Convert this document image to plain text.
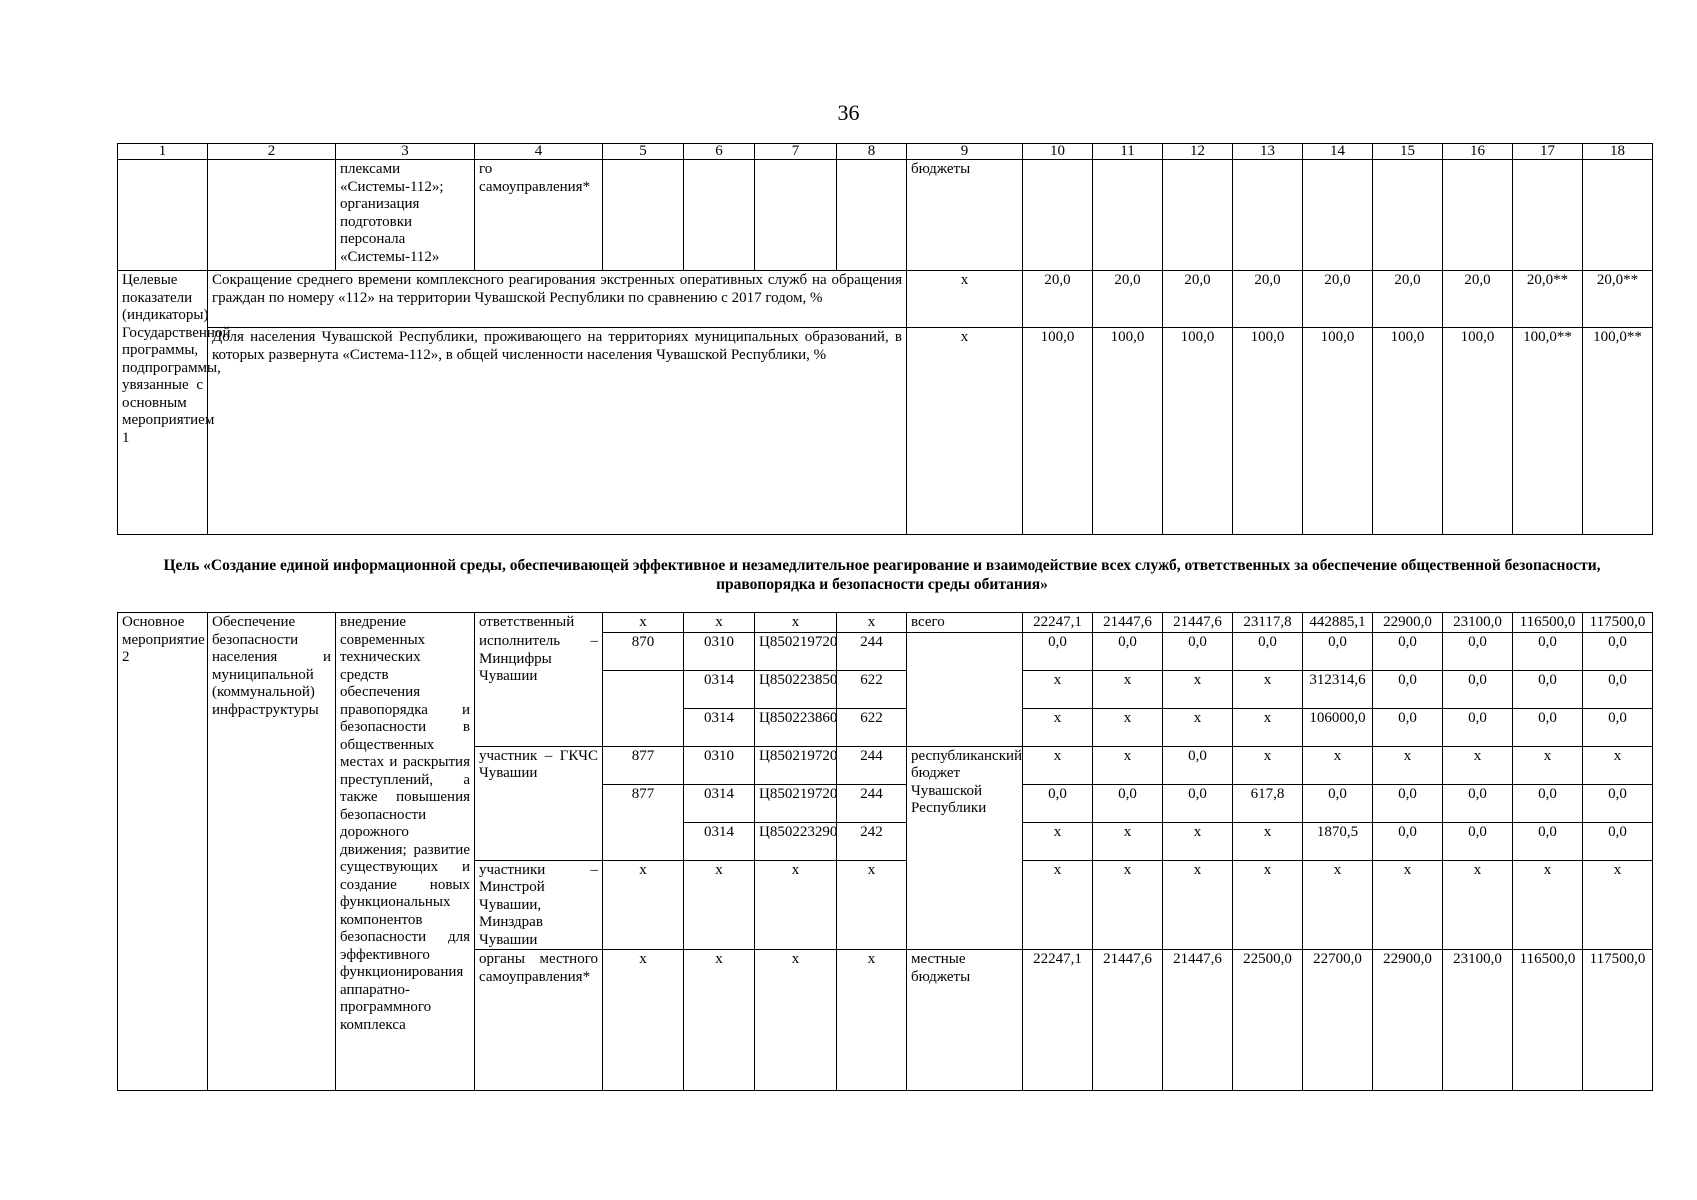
36
1	2	3	4	5	6	7	8	9	10	11	12	13	14	15	16	17	18
		плексами «Системы-112»; организация подготовки персонала «Системы-112»	го самоуправления*					бюджеты									
Целевые показатели (индикаторы) Государственной программы, подпрограммы, увязанные с основным мероприятием 1	Сокращение среднего времени комплексного реагирования экстренных оперативных служб на обращения граждан по номеру «112» на территории Чувашской Республики по сравнению с 2017 годом, %							x	20,0	20,0	20,0	20,0	20,0	20,0	20,0	20,0**	20,0**
	Доля населения Чувашской Республики, проживающего на территориях муниципальных образований, в которых развернута «Система-112», в общей численности населения Чувашской Республики, %							x	100,0	100,0	100,0	100,0	100,0	100,0	100,0	100,0**	100,0**
Цель «Создание единой информационной среды, обеспечивающей эффективное и незамедлительное реагирование и взаимодействие всех служб, ответственных за обеспечение общественной безопасности, правопорядка и безопасности среды обитания»
Основное мероприятие 2	Обеспечение безопасности населения и муниципальной (коммунальной) инфраструктуры	внедрение современных технических средств обеспечения правопорядка и безопасности в общественных местах и раскрытия преступлений, а также повышения безопасности дорожного движения; развитие существующих и создание новых функциональных компонентов безопасности для эффективного функционирования аппаратно-программного комплекса	ответственный	x	x	x	x	всего	22247,1	21447,6	21447,6	23117,8	442885,1	22900,0	23100,0	116500,0	117500,0
			исполнитель – Минцифры Чувашии	870	0310	Ц850219720	244		0,0	0,0	0,0	0,0	0,0	0,0	0,0	0,0	0,0
					0314	Ц850223850	622		x	x	x	x	312314,6	0,0	0,0	0,0	0,0
					0314	Ц850223860	622		x	x	x	x	106000,0	0,0	0,0	0,0	0,0
			участник – ГКЧС Чувашии	877	0310	Ц850219720	244	республиканский бюджет Чувашской Республики	x	x	0,0	x	x	x	x	x	x
				877	0314	Ц850219720	244		0,0	0,0	0,0	617,8	0,0	0,0	0,0	0,0	0,0
					0314	Ц850223290	242		x	x	x	x	1870,5	0,0	0,0	0,0	0,0
			участники – Минстрой Чувашии, Минздрав Чувашии	x	x	x	x		x	x	x	x	x	x	x	x	x
			органы местного самоуправления*	x	x	x	x	местные бюджеты	22247,1	21447,6	21447,6	22500,0	22700,0	22900,0	23100,0	116500,0	117500,0
